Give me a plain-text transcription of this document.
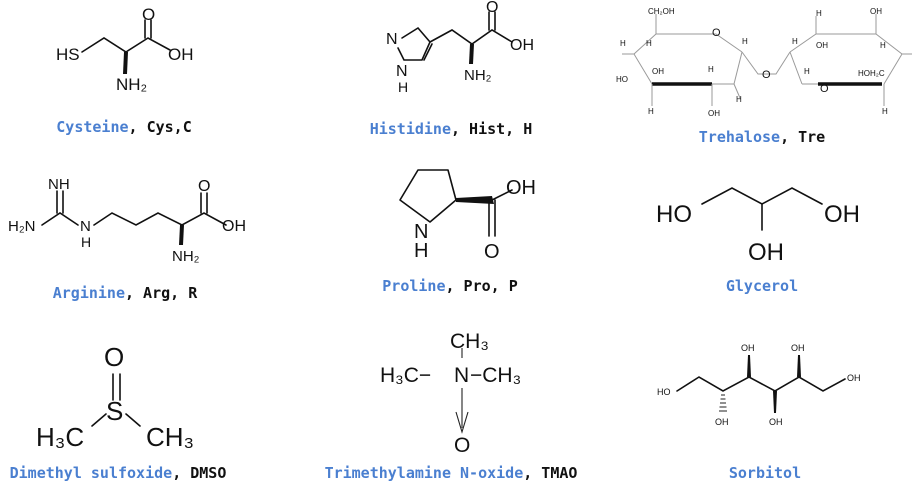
HS
O
OH
NH₂
Cysteine, Cys,C
N
N
H
O
OH
NH₂
Histidine, Hist, H
CH₂OH
O
O
O
H	H
OH
HO
H	OH
H
H
H
H
H
OH
H
OH
H
HOH₂C
H
Trehalose, Tre
NH
H₂N	N
H
O
OH
NH₂
Arginine, Arg, R
N
H
OH
O
Proline, Pro, P
HO	OH
OH
Glycerol
O
S
H₃C CH₃
Dimethyl sulfoxide, DMSO
CH₃
H₃C− N −CH₃
O
Trimethylamine N-oxide, TMAO
HO
OH	OH
OH
OH	OH
Sorbitol
